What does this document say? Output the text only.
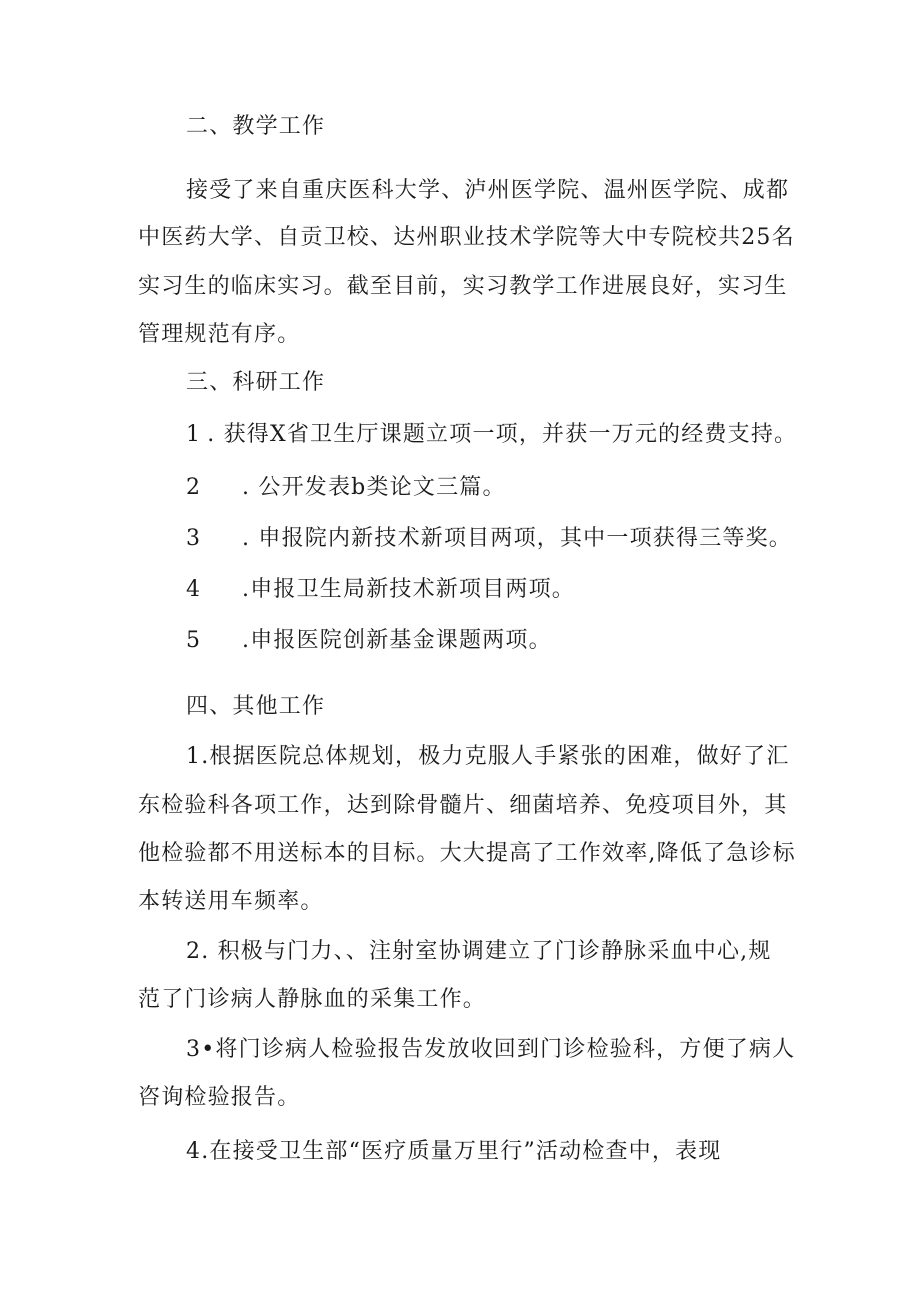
二、教学工作
接受了来自重庆医科大学、泸州医学院、温州医学院、成都
中医药大学、自贡卫校、达州职业技术学院等大中专院校共25名
实习生的临床实习。截至目前，实习教学工作进展良好，实习生
管理规范有序。
三、科研工作
1 . 获得X省卫生厅课题立项一项，并获一万元的经费支持。
2 . 公开发表b类论文三篇。
3 . 申报院内新技术新项目两项，其中一项获得三等奖。
4 .申报卫生局新技术新项目两项。
5 .申报医院创新基金课题两项。
四、其他工作
1.根据医院总体规划，极力克服人手紧张的困难，做好了汇
东检验科各项工作，达到除骨髓片、细菌培养、免疫项目外，其
他检验都不用送标本的目标。大大提高了工作效率,降低了急诊标
本转送用车频率。
2. 积极与门力、、注射室协调建立了门诊静脉采血中心,规
范了门诊病人静脉血的采集工作。
3•将门诊病人检验报告发放收回到门诊检验科，方便了病人
咨询检验报告。
4.在接受卫生部“医疗质量万里行”活动检查中，表现
